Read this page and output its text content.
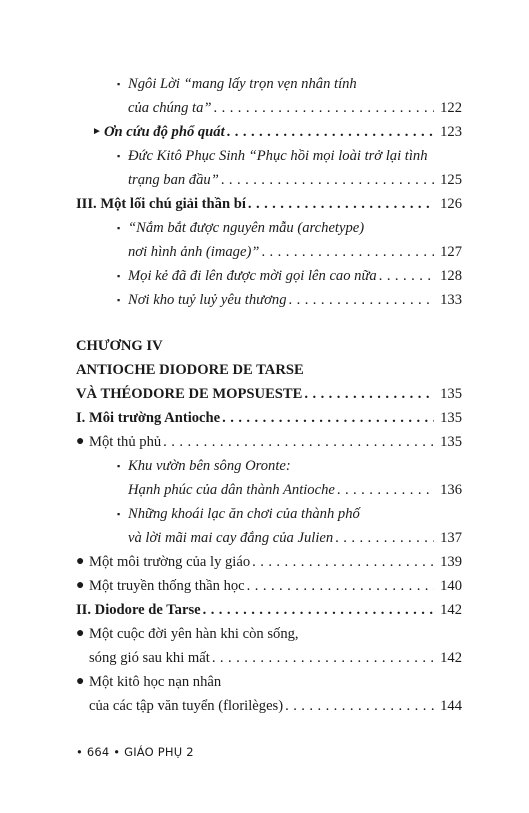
▪ Ngôi Lời “mang lấy trọn vẹn nhân tính
của chúng ta” . . .	122
► Ơn cứu độ phổ quát . . .	123
▪ Đức Kitô Phục Sinh “Phục hồi mọi loài trở lại tình
trạng ban đầu” . . .	125
III. Một lối chú giải thần bí . . .	126
▪ “Nắm bắt được nguyên mẫu (archetype)
nơi hình ảnh (image)” . . .	127
▪ Mọi kẻ đã đi lên được mời gọi lên cao nữa . . .	128
▪ Nơi kho tuỷ luỷ yêu thương . . .	133
CHƯƠNG IV
ANTIOCHE DIODORE DE TARSE
VÀ THÉODORE DE MOPSUESTE . . .	135
I. Môi trường Antioche . . .	135
● Một thủ phủ . . .	135
▪ Khu vườn bên sông Oronte:
Hạnh phúc của dân thành Antioche . . .	136
▪ Những khoái lạc ăn chơi của thành phố
và lời mãi mai cay đắng của Julien . . .	137
● Một môi trường của ly giáo . . .	139
● Một truyền thống thần học . . .	140
II. Diodore de Tarse . . .	142
● Một cuộc đời yên hàn khi còn sống,
sóng gió sau khi mất . . .	142
● Một kitô học nạn nhân
của các tập văn tuyển (florilèges) . . .	144
• 664 • GIÁO PHỤ 2
